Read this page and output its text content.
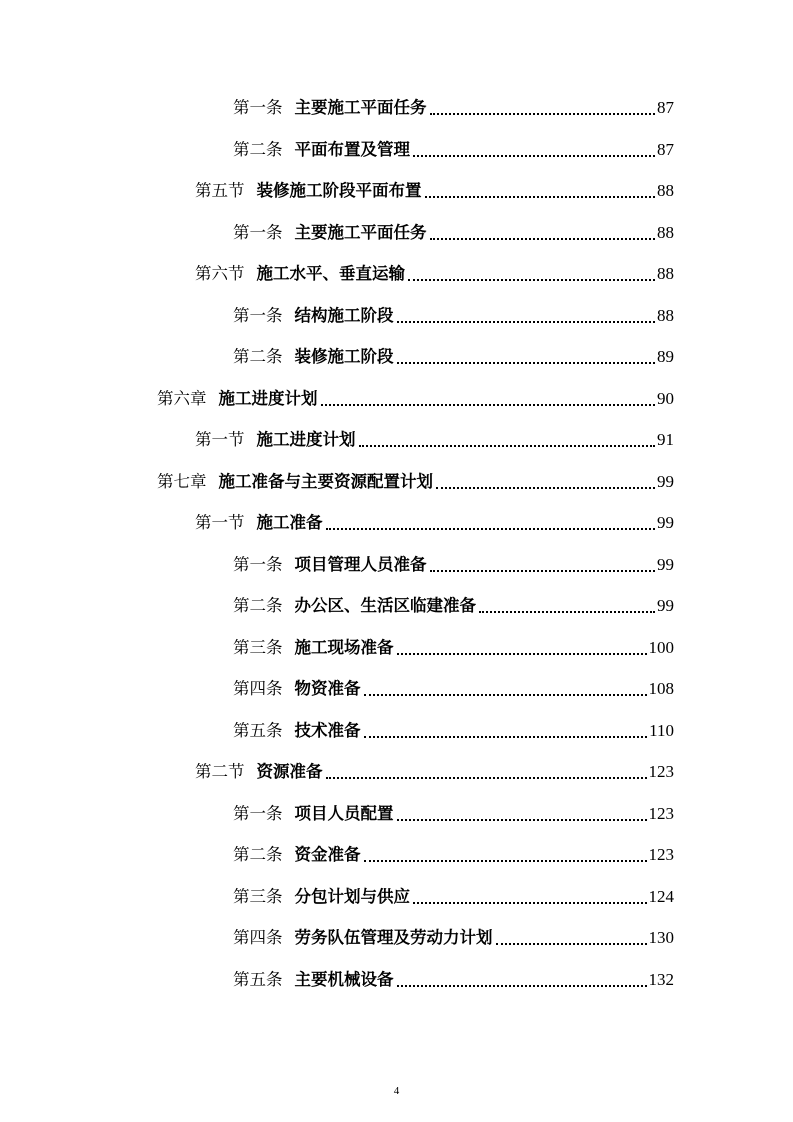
第一条 主要施工平面任务	87
第二条 平面布置及管理	87
第五节 装修施工阶段平面布置	88
第一条 主要施工平面任务	88
第六节 施工水平、垂直运输	88
第一条 结构施工阶段	88
第二条 装修施工阶段	89
第六章 施工进度计划	90
第一节 施工进度计划	91
第七章 施工准备与主要资源配置计划	99
第一节 施工准备	99
第一条 项目管理人员准备	99
第二条 办公区、生活区临建准备	99
第三条 施工现场准备	100
第四条 物资准备	108
第五条 技术准备	110
第二节 资源准备	123
第一条 项目人员配置	123
第二条 资金准备	123
第三条 分包计划与供应	124
第四条 劳务队伍管理及劳动力计划	130
第五条 主要机械设备	132
4
